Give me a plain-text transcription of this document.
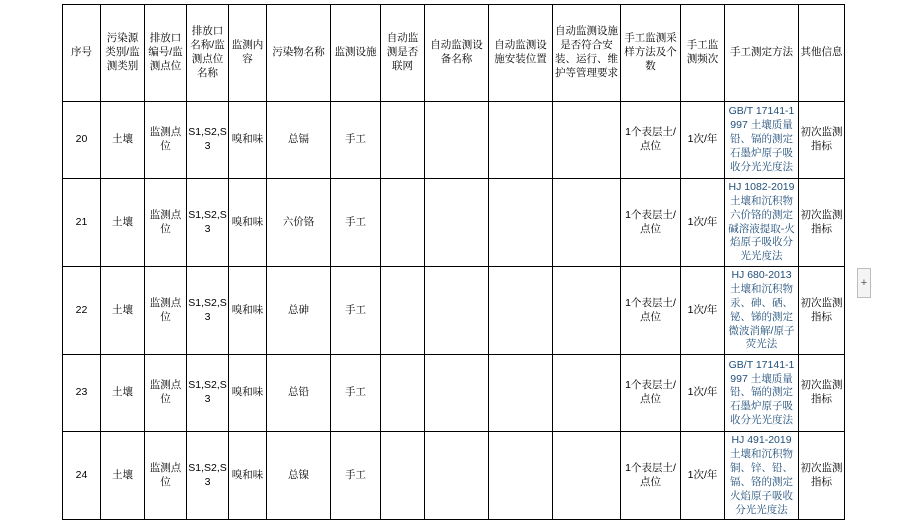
序号	污染源类别/监测类别	排放口编号/监测点位	排放口名称/监测点位名称	监测内容	污染物名称	监测设施	自动监测是否联网	自动监测设备名称	自动监测设施安装位置	自动监测设施是否符合安装、运行、维护等管理要求	手工监测采样方法及个数	手工监测频次	手工测定方法	其他信息
20	土壤	监测点位	S1,S2,S3	嗅和味	总镉	手工					1个表层土/点位	1次/年	GB/T 17141-1997 土壤质量 铅、镉的测定 石墨炉原子吸收分光光度法	初次监测指标
21	土壤	监测点位	S1,S2,S3	嗅和味	六价铬	手工					1个表层土/点位	1次/年	HJ 1082-2019 土壤和沉积物 六价铬的测定 碱溶液提取-火焰原子吸收分光光度法	初次监测指标
22	土壤	监测点位	S1,S2,S3	嗅和味	总砷	手工					1个表层土/点位	1次/年	HJ 680-2013 土壤和沉积物 汞、砷、硒、铋、锑的测定 微波消解/原子荧光法	初次监测指标
23	土壤	监测点位	S1,S2,S3	嗅和味	总铅	手工					1个表层土/点位	1次/年	GB/T 17141-1997 土壤质量 铅、镉的测定 石墨炉原子吸收分光光度法	初次监测指标
24	土壤	监测点位	S1,S2,S3	嗅和味	总镍	手工					1个表层土/点位	1次/年	HJ 491-2019 土壤和沉积物 铜、锌、铅、镉、铬的测定 火焰原子吸收分光光度法	初次监测指标
+
